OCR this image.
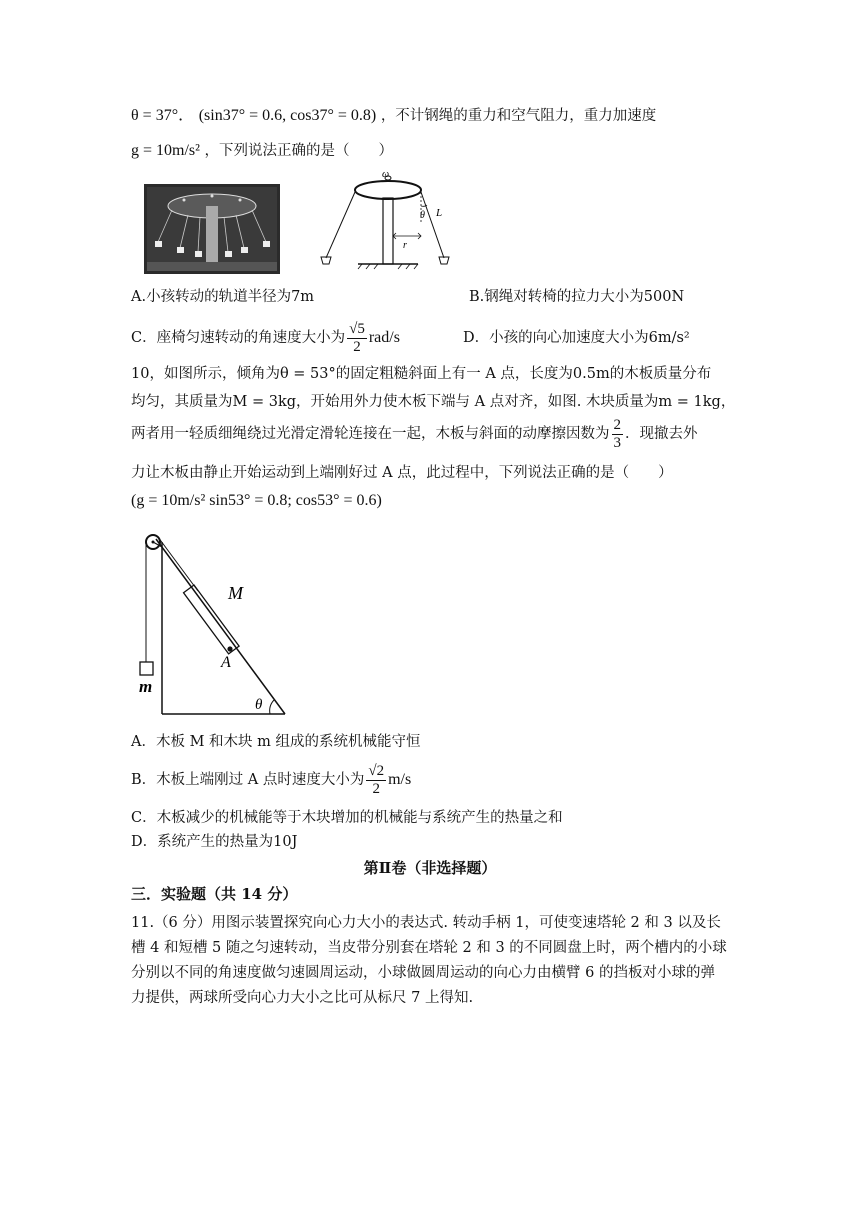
θ = 37°． (sin37° = 0.6, cos37° = 0.8) ，不计钢绳的重力和空气阻力，重力加速度
g = 10m/s² ，下列说法正确的是（　　）
ω
r
θ L
A.小孩转动的轨道半径为7m	B.钢绳对转椅的拉力大小为500N
C．座椅匀速转动的角速度大小为 $\frac{√5}{2} rad/s$	D．小孩的向心加速度大小为6m/s²
10，如图所示，倾角为θ = 53°的固定粗糙斜面上有一 A 点，长度为0.5m的木板质量分布
均匀，其质量为M = 3kg，开始用外力使木板下端与 A 点对齐，如图. 木块质量为m = 1kg，
两者用一轻质细绳绕过光滑定滑轮连接在一起，木板与斜面的动摩擦因数为 $\frac{2}{3}$ ．现撤去外
力让木板由静止开始运动到上端刚好过 A 点，此过程中，下列说法正确的是（　　）
(g = 10m/s² sin53° = 0.8; cos53° = 0.6)
m
M
A
θ
A．木板 M 和木块 m 组成的系统机械能守恒
B．木板上端刚过 A 点时速度大小为 $\frac{√2}{2} m/s$
C．木板减少的机械能等于木块增加的机械能与系统产生的热量之和
D．系统产生的热量为10J
第Ⅱ卷（非选择题）
三．实验题（共 14 分）
11.（6 分）用图示装置探究向心力大小的表达式. 转动手柄 1，可使变速塔轮 2 和 3 以及长
槽 4 和短槽 5 随之匀速转动，当皮带分别套在塔轮 2 和 3 的不同圆盘上时，两个槽内的小球
分别以不同的角速度做匀速圆周运动，小球做圆周运动的向心力由横臂 6 的挡板对小球的弹
力提供，两球所受向心力大小之比可从标尺 7 上得知.
